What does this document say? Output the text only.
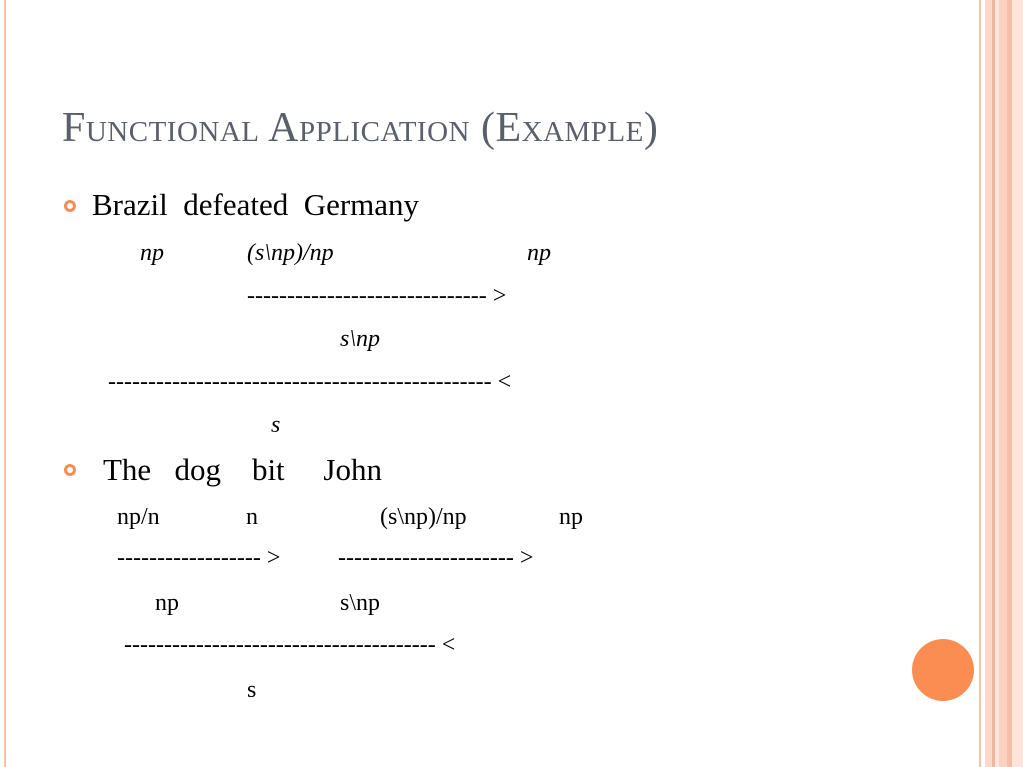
Functional Application (Example)
Brazil  defeated  Germany
np	(s\np)/np	np
------------------------------ >
s\np
------------------------------------------------ <
s
The   dog    bit     John
np/n	n	(s\np)/np	np
------------------ > ---------------------- >
np	s\np
--------------------------------------- <
s
